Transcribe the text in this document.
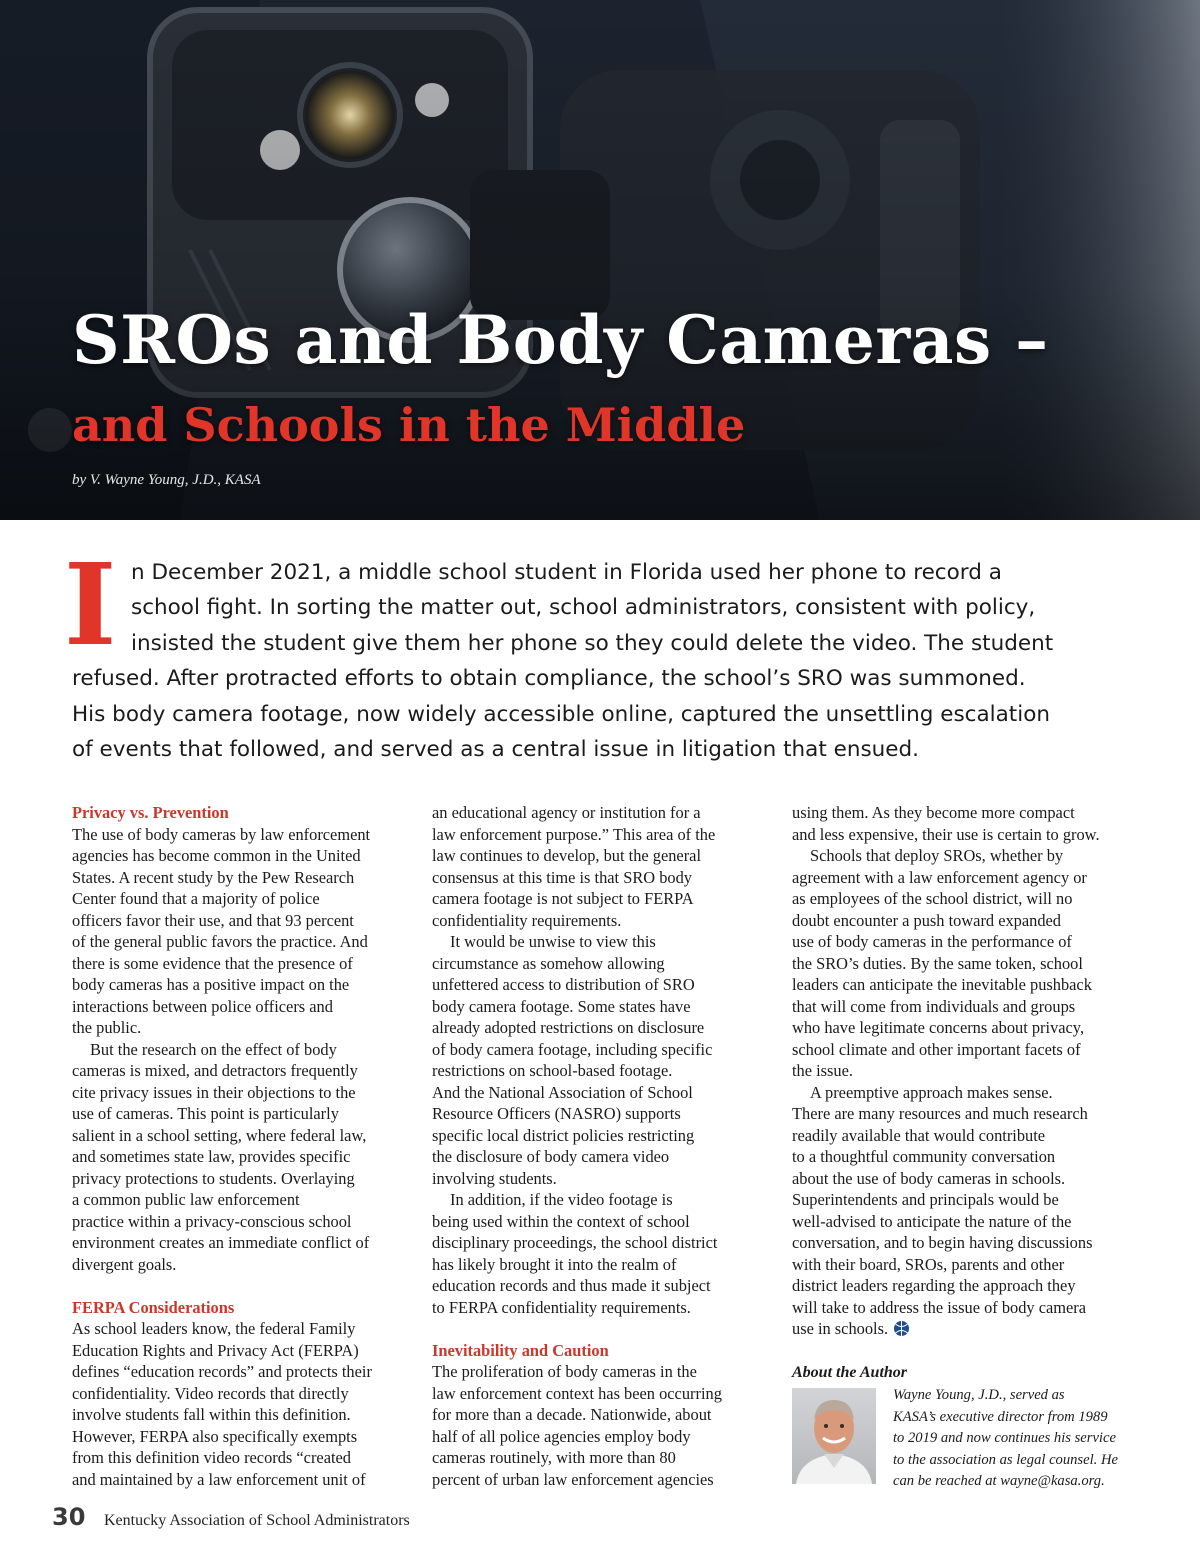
SROs and Body Cameras –
and Schools in the Middle
by V. Wayne Young, J.D., KASA
I n December 2021, a middle school student in Florida used her phone to record a
school fight. In sorting the matter out, school administrators, consistent with policy,
insisted the student give them her phone so they could delete the video. The student
refused. After protracted efforts to obtain compliance, the school’s SRO was summoned.
His body camera footage, now widely accessible online, captured the unsettling escalation
of events that followed, and served as a central issue in litigation that ensued.
Privacy vs. Prevention

The use of body cameras by law enforcement
agencies has become common in the United
States. A recent study by the Pew Research
Center found that a majority of police
officers favor their use, and that 93 percent
of the general public favors the practice. And
there is some evidence that the presence of
body cameras has a positive impact on the
interactions between police officers and
the public.

But the research on the effect of body
cameras is mixed, and detractors frequently
cite privacy issues in their objections to the
use of cameras. This point is particularly
salient in a school setting, where federal law,
and sometimes state law, provides specific
privacy protections to students. Overlaying
a common public law enforcement
practice within a privacy-conscious school
environment creates an immediate conflict of
divergent goals.

FERPA Considerations

As school leaders know, the federal Family
Education Rights and Privacy Act (FERPA)
defines “education records” and protects their
confidentiality. Video records that directly
involve students fall within this definition.
However, FERPA also specifically exempts
from this definition video records “created
and maintained by a law enforcement unit of

an educational agency or institution for a
law enforcement purpose.” This area of the
law continues to develop, but the general
consensus at this time is that SRO body
camera footage is not subject to FERPA
confidentiality requirements.

It would be unwise to view this
circumstance as somehow allowing
unfettered access to distribution of SRO
body camera footage. Some states have
already adopted restrictions on disclosure
of body camera footage, including specific
restrictions on school-based footage.
And the National Association of School
Resource Officers (NASRO) supports
specific local district policies restricting
the disclosure of body camera video
involving students.

In addition, if the video footage is
being used within the context of school
disciplinary proceedings, the school district
has likely brought it into the realm of
education records and thus made it subject
to FERPA confidentiality requirements.

Inevitability and Caution

The proliferation of body cameras in the
law enforcement context has been occurring
for more than a decade. Nationwide, about
half of all police agencies employ body
cameras routinely, with more than 80
percent of urban law enforcement agencies

using them. As they become more compact
and less expensive, their use is certain to grow.

Schools that deploy SROs, whether by
agreement with a law enforcement agency or
as employees of the school district, will no
doubt encounter a push toward expanded
use of body cameras in the performance of
the SRO’s duties. By the same token, school
leaders can anticipate the inevitable pushback
that will come from individuals and groups
who have legitimate concerns about privacy,
school climate and other important facets of
the issue.

A preemptive approach makes sense.
There are many resources and much research
readily available that would contribute
to a thoughtful community conversation
about the use of body cameras in schools.
Superintendents and principals would be
well-advised to anticipate the nature of the
conversation, and to begin having discussions
with their board, SROs, parents and other
district leaders regarding the approach they
will take to address the issue of body camera
use in schools.

About the Author
Wayne Young, J.D., served as
KASA’s executive director from 1989
to 2019 and now continues his service
to the association as legal counsel. He
can be reached at wayne@kasa.org.
30 Kentucky Association of School Administrators
